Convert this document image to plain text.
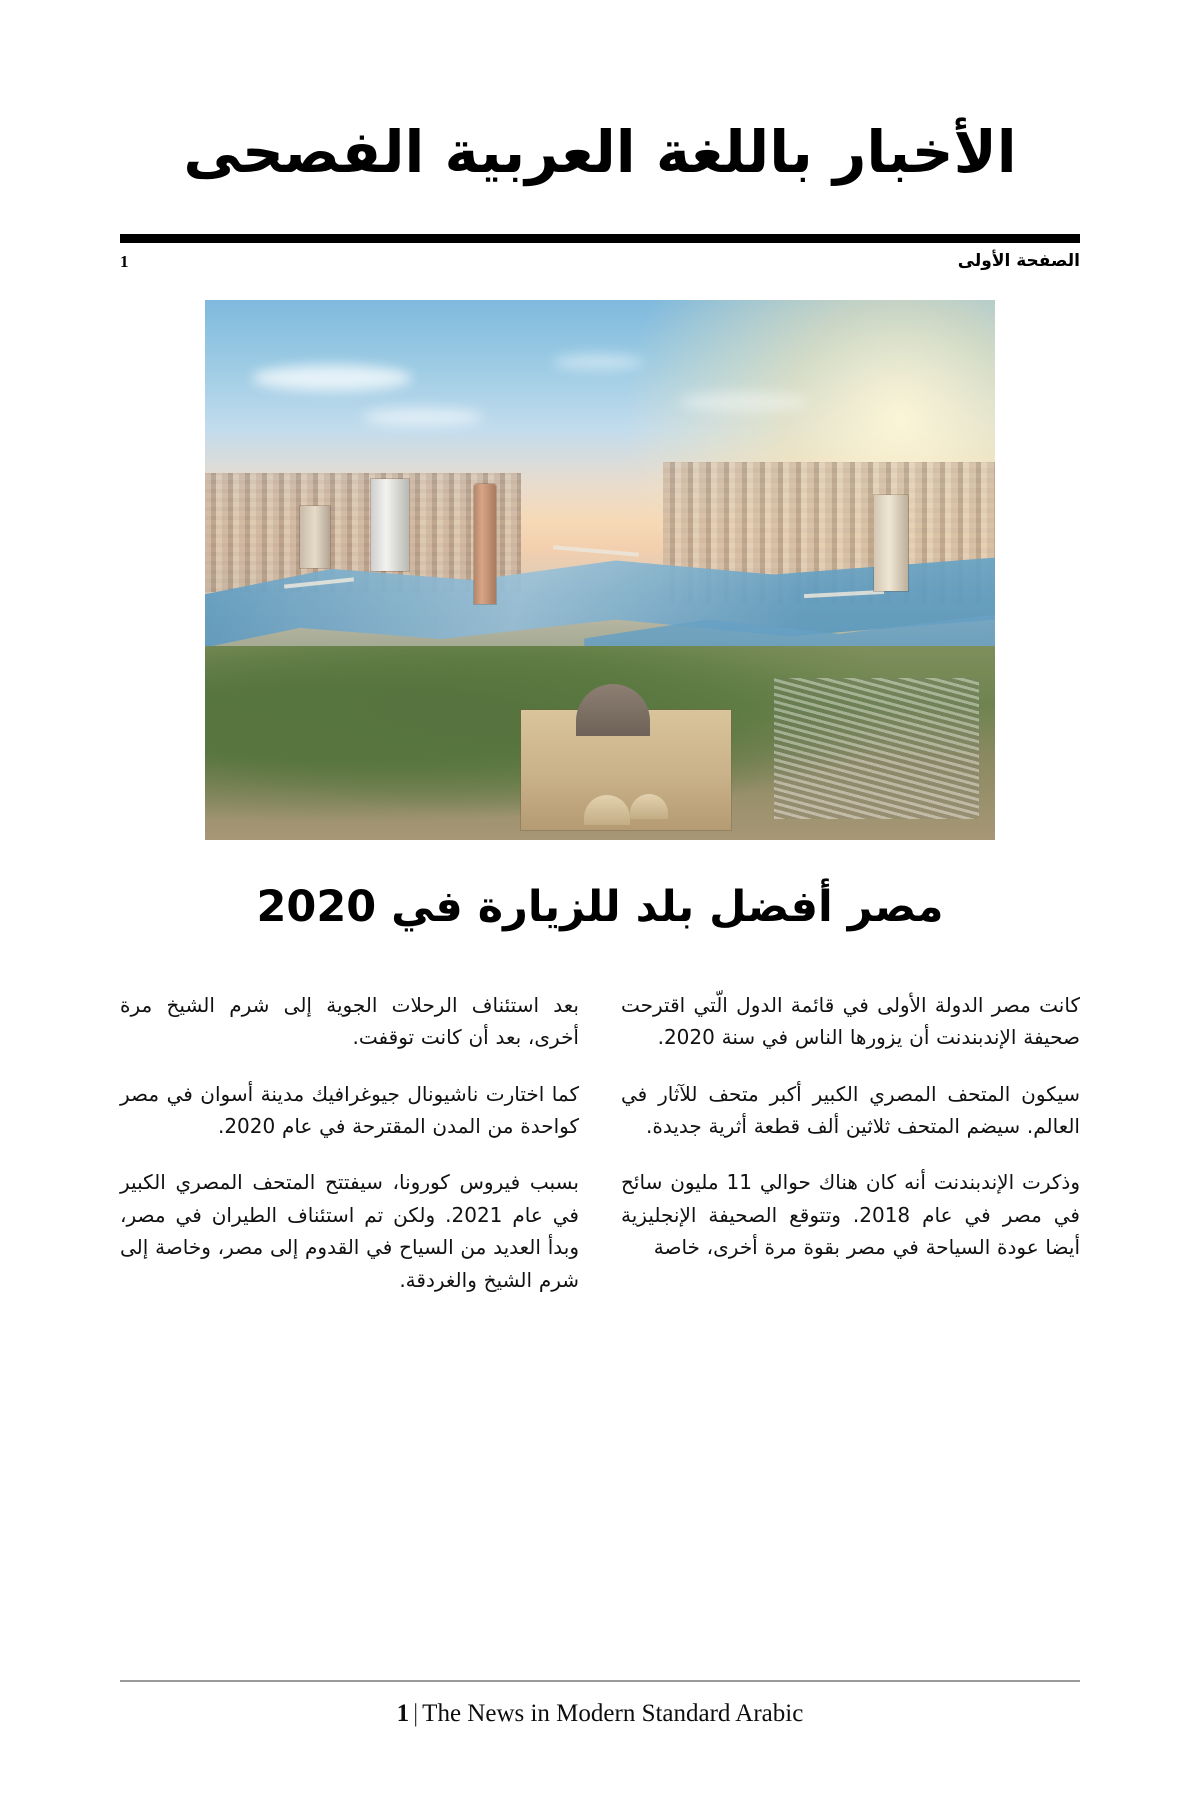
الأخبار باللغة العربية الفصحى
الصفحة الأولى
1
مصر أفضل بلد للزيارة في 2020

كانت مصر الدولة الأولى في قائمة الدول الّتي اقترحت صحيفة الإندبندنت أن يزورها الناس في سنة 2020.

سيكون المتحف المصري الكبير أكبر متحف للآثار في العالم. سيضم المتحف ثلاثين ألف قطعة أثرية جديدة.

وذكرت الإندبندنت أنه كان هناك حوالي 11 مليون سائح في مصر في عام 2018. وتتوقع الصحيفة الإنجليزية أيضا عودة السياحة في مصر بقوة مرة أخرى، خاصة

بعد استئناف الرحلات الجوية إلى شرم الشيخ مرة أخرى، بعد أن كانت توقفت.

كما اختارت ناشيونال جيوغرافيك مدينة أسوان في مصر كواحدة من المدن المقترحة في عام 2020.

بسبب فيروس كورونا، سيفتتح المتحف المصري الكبير في عام 2021. ولكن تم استئناف الطيران في مصر، وبدأ العديد من السياح في القدوم إلى مصر، وخاصة إلى شرم الشيخ والغردقة.

1 | The News in Modern Standard Arabic
